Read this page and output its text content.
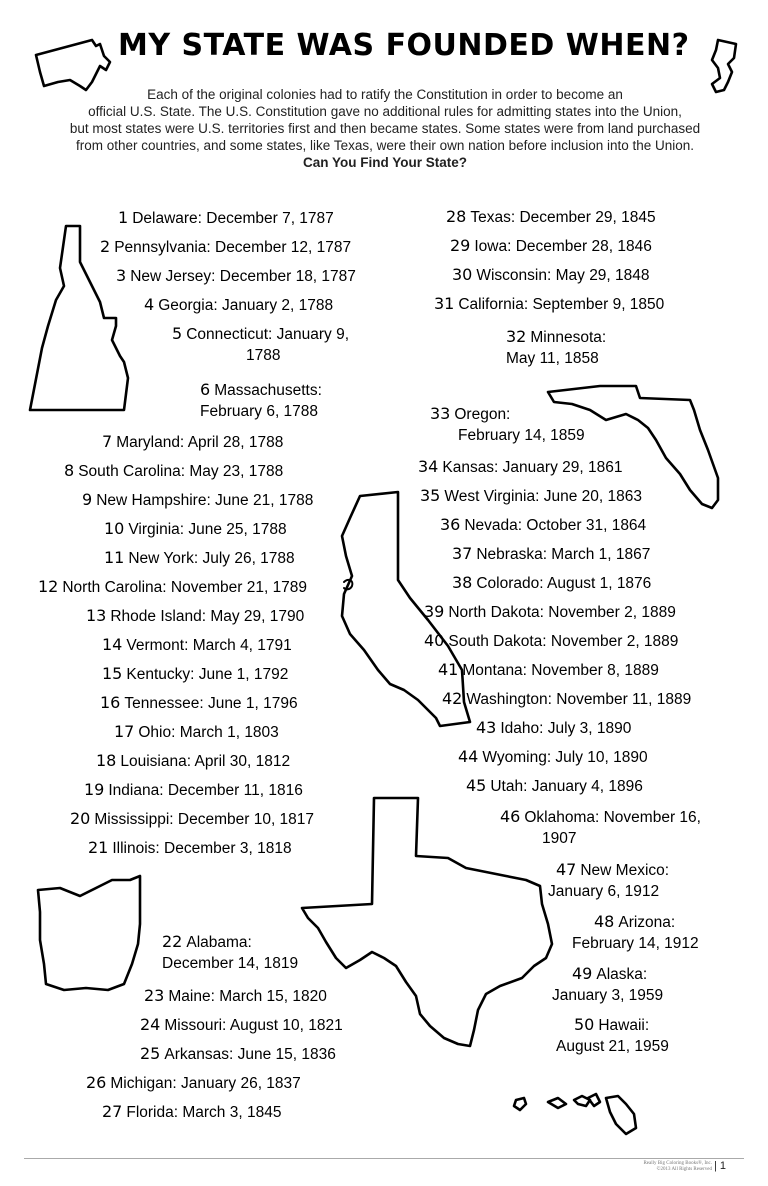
MY STATE WAS FOUNDED WHEN?
Each of the original colonies had to ratify the Constitution in order to become an
official U.S. State. The U.S. Constitution gave no additional rules for admitting states into the Union,
but most states were U.S. territories first and then became states. Some states were from land purchased
from other countries, and some states, like Texas, were their own nation before inclusion into the Union.
Can You Find Your State?
1 Delaware: December 7, 1787
2 Pennsylvania: December 12, 1787
3 New Jersey: December 18, 1787
4 Georgia: January 2, 1788
5 Connecticut: January 9,
1788
6 Massachusetts:
February 6, 1788
7 Maryland: April 28, 1788
8 South Carolina: May 23, 1788
9 New Hampshire: June 21, 1788
10 Virginia: June 25, 1788
11 New York: July 26, 1788
12 North Carolina: November 21, 1789
13 Rhode Island: May 29, 1790
14 Vermont: March 4, 1791
15 Kentucky: June 1, 1792
16 Tennessee: June 1, 1796
17 Ohio: March 1, 1803
18 Louisiana: April 30, 1812
19 Indiana: December 11, 1816
20 Mississippi: December 10, 1817
21 Illinois: December 3, 1818
22 Alabama:
December 14, 1819
23 Maine: March 15, 1820
24 Missouri: August 10, 1821
25 Arkansas: June 15, 1836
26 Michigan: January 26, 1837
27 Florida: March 3, 1845
28 Texas: December 29, 1845
29 Iowa: December 28, 1846
30 Wisconsin: May 29, 1848
31 California: September 9, 1850
32 Minnesota:
May 11, 1858
33 Oregon:
February 14, 1859
34 Kansas: January 29, 1861
35 West Virginia: June 20, 1863
36 Nevada: October 31, 1864
37 Nebraska: March 1, 1867
38 Colorado: August 1, 1876
39 North Dakota: November 2, 1889
40 South Dakota: November 2, 1889
41 Montana: November 8, 1889
42 Washington: November 11, 1889
43 Idaho: July 3, 1890
44 Wyoming: July 10, 1890
45 Utah: January 4, 1896
46 Oklahoma: November 16,
1907
47 New Mexico:
January 6, 1912
48 Arizona:
February 14, 1912
49 Alaska:
January 3, 1959
50 Hawaii:
August 21, 1959
Really Big Coloring Books®, Inc.
©2013 All Rights Reserved | 1
